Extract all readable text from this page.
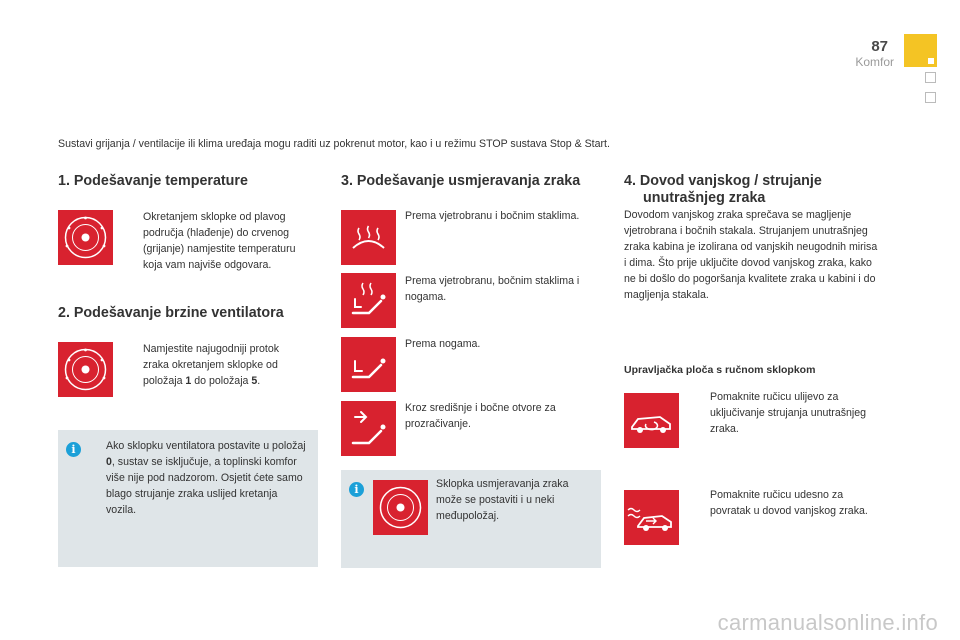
87
Komfor
Sustavi grijanja / ventilacije ili klima uređaja mogu raditi uz pokrenut motor, kao i u režimu STOP sustava Stop & Start.
1. Podešavanje temperature
Okretanjem sklopke od plavog područja (hlađenje) do crvenog (grijanje) namjestite temperaturu koja vam najviše odgovara.
2. Podešavanje brzine ventilatora
Namjestite najugodniji protok zraka okretanjem sklopke od položaja 1 do položaja 5.
i	Ako sklopku ventilatora postavite u položaj 0, sustav se isključuje, a toplinski komfor više nije pod nadzorom. Osjetit ćete samo blago strujanje zraka uslijed kretanja vozila.
3. Podešavanje usmjeravanja zraka
Prema vjetrobranu i bočnim staklima.
Prema vjetrobranu, bočnim staklima i nogama.
Prema nogama.
Kroz središnje i bočne otvore za prozračivanje.
i	Sklopka usmjeravanja zraka može se postaviti i u neki međupoložaj.
4. Dovod vanjskog / strujanje
unutrašnjeg zraka
Dovodom vanjskog zraka sprečava se magljenje vjetrobrana i bočnih stakala. Strujanjem unutrašnjeg zraka kabina je izolirana od vanjskih neugodnih mirisa i dima. Što prije uključite dovod vanjskog zraka, kako ne bi došlo do pogoršanja kvalitete zraka u kabini i do magljenja stakala.
Upravljačka ploča s ručnom sklopkom
Pomaknite ručicu ulijevo za uključivanje strujanja unutrašnjeg zraka.
Pomaknite ručicu udesno za povratak u dovod vanjskog zraka.
carmanualsonline.info
